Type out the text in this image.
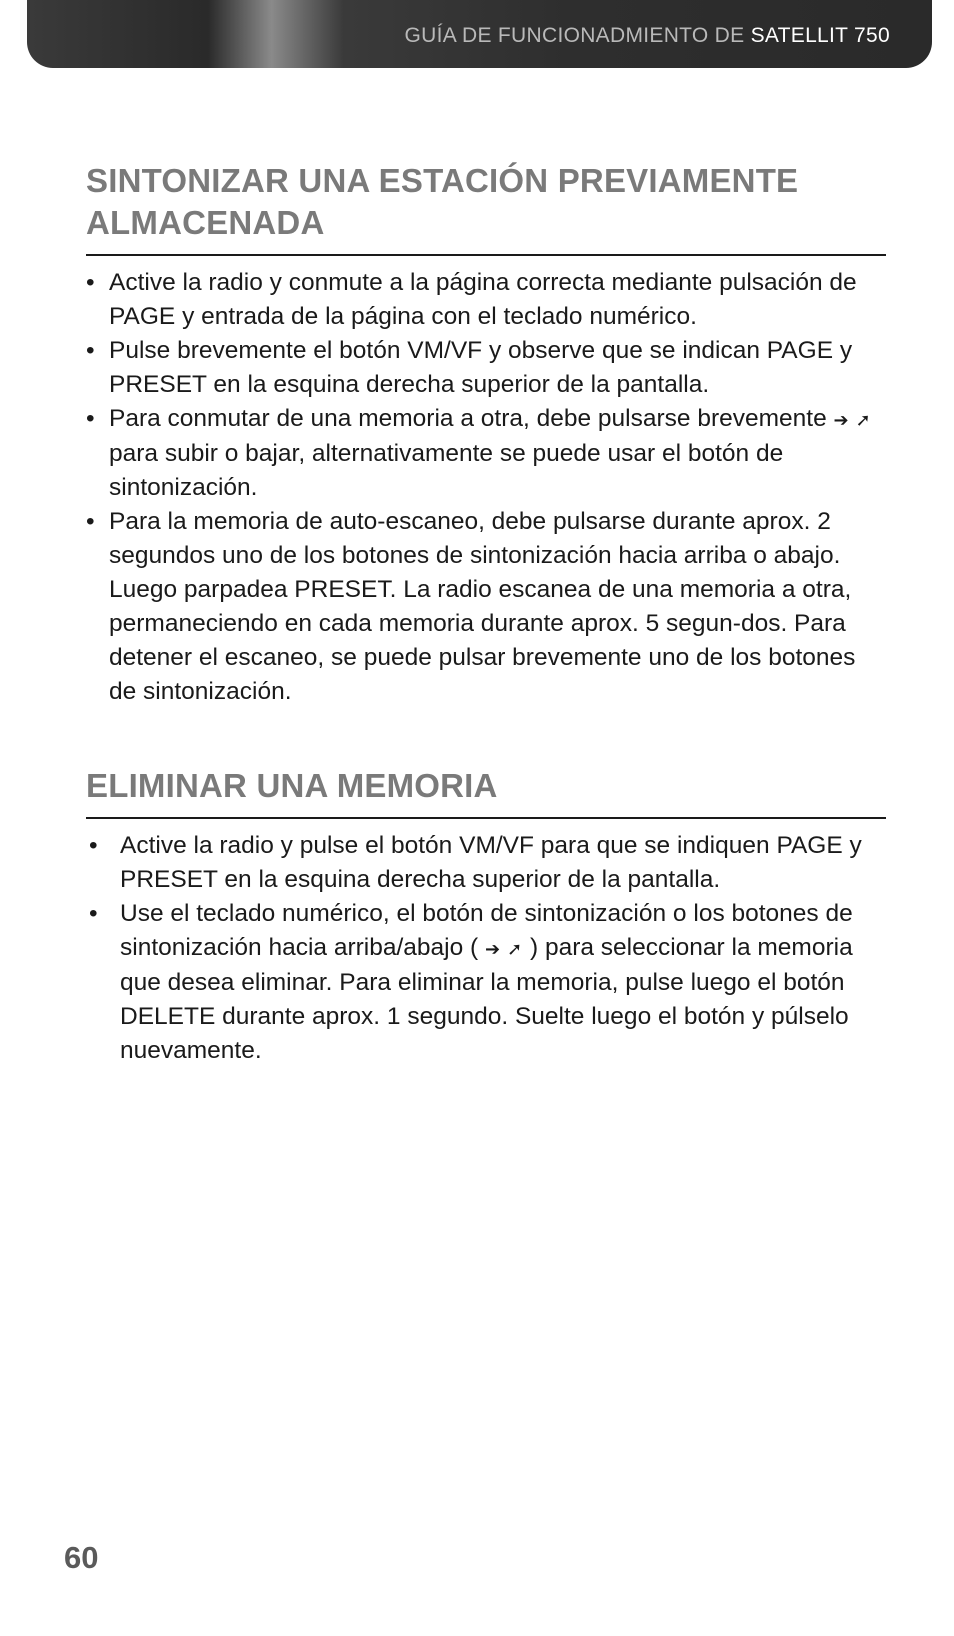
GUÍA DE FUNCIONADMIENTO DE SATELLIT 750
SINTONIZAR UNA ESTACIÓN PREVIAMENTE
ALMACENADA
• Active la radio y conmute a la página correcta mediante pulsación de PAGE y entrada de la página con el teclado numérico.
• Pulse brevemente el botón VM/VF y observe que se indican PAGE y PRESET en la esquina derecha superior de la pantalla.
• Para conmutar de una memoria a otra, debe pulsarse brevemente ➔ ➚ para subir o bajar, alternativamente se puede usar el botón de sintonización.
• Para la memoria de auto-escaneo, debe pulsarse durante aprox. 2 segundos uno de los botones de sintonización hacia arriba o abajo. Luego parpadea PRESET. La radio escanea de una memoria a otra, permaneciendo en cada memoria durante aprox. 5 segun-dos. Para detener el escaneo, se puede pulsar brevemente uno de los botones de sintonización.
ELIMINAR UNA MEMORIA
• Active la radio y pulse el botón VM/VF para que se indiquen PAGE y PRESET en la esquina derecha superior de la pantalla.
• Use el teclado numérico, el botón de sintonización o los botones de sintonización hacia arriba/abajo ( ➔ ➚ ) para seleccionar la memoria que desea eliminar. Para eliminar la memoria, pulse luego el botón DELETE durante aprox. 1 segundo. Suelte luego el botón y púlselo nuevamente.
60
